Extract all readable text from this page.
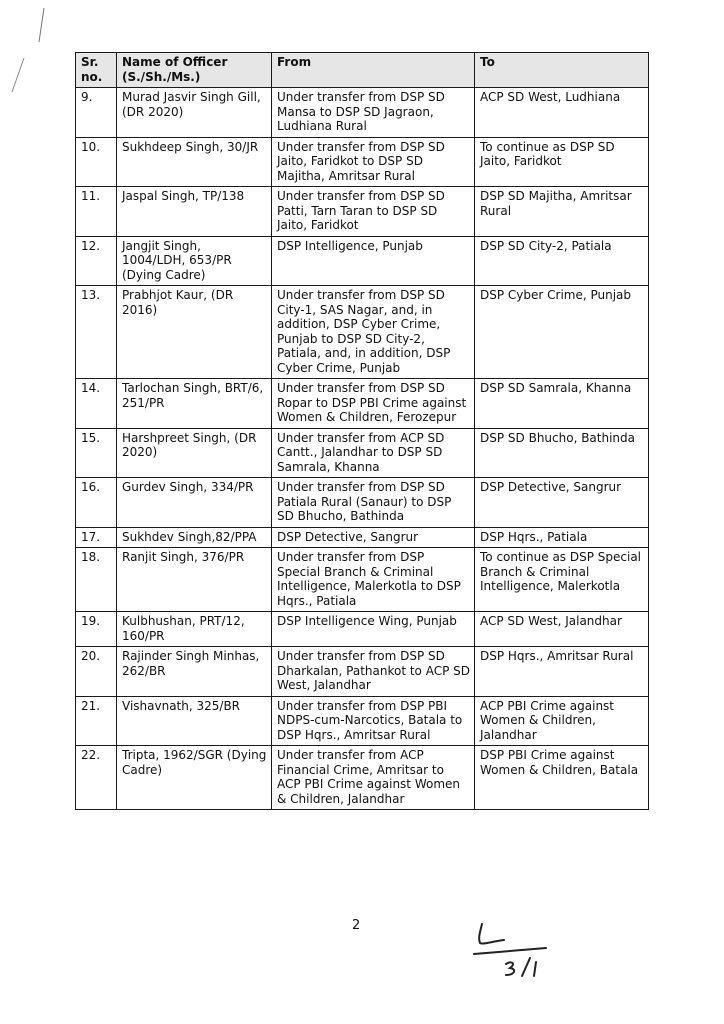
Sr. no.	Name of Officer (S./Sh./Ms.)	From	To
9.	Murad Jasvir Singh Gill, (DR 2020)	Under transfer from DSP SD Mansa to DSP SD Jagraon, Ludhiana Rural	ACP SD West, Ludhiana
10.	Sukhdeep Singh, 30/JR	Under transfer from DSP SD Jaito, Faridkot to DSP SD Majitha, Amritsar Rural	To continue as DSP SD Jaito, Faridkot
11.	Jaspal Singh, TP/138	Under transfer from DSP SD Patti, Tarn Taran to DSP SD Jaito, Faridkot	DSP SD Majitha, Amritsar Rural
12.	Jangjit Singh, 1004/LDH, 653/PR (Dying Cadre)	DSP Intelligence, Punjab	DSP SD City-2, Patiala
13.	Prabhjot Kaur, (DR 2016)	Under transfer from DSP SD City-1, SAS Nagar, and, in addition, DSP Cyber Crime, Punjab to DSP SD City-2, Patiala, and, in addition, DSP Cyber Crime, Punjab	DSP Cyber Crime, Punjab
14.	Tarlochan Singh, BRT/6, 251/PR	Under transfer from DSP SD Ropar to DSP PBI Crime against Women & Children, Ferozepur	DSP SD Samrala, Khanna
15.	Harshpreet Singh, (DR 2020)	Under transfer from ACP SD Cantt., Jalandhar to DSP SD Samrala, Khanna	DSP SD Bhucho, Bathinda
16.	Gurdev Singh, 334/PR	Under transfer from DSP SD Patiala Rural (Sanaur) to DSP SD Bhucho, Bathinda	DSP Detective, Sangrur
17.	Sukhdev Singh,82/PPA	DSP Detective, Sangrur	DSP Hqrs., Patiala
18.	Ranjit Singh, 376/PR	Under transfer from DSP Special Branch & Criminal Intelligence, Malerkotla to DSP Hqrs., Patiala	To continue as DSP Special Branch & Criminal Intelligence, Malerkotla
19.	Kulbhushan, PRT/12, 160/PR	DSP Intelligence Wing, Punjab	ACP SD West, Jalandhar
20.	Rajinder Singh Minhas, 262/BR	Under transfer from DSP SD Dharkalan, Pathankot to ACP SD West, Jalandhar	DSP Hqrs., Amritsar Rural
21.	Vishavnath, 325/BR	Under transfer from DSP PBI NDPS-cum-Narcotics, Batala to DSP Hqrs., Amritsar Rural	ACP PBI Crime against Women & Children, Jalandhar
22.	Tripta, 1962/SGR (Dying Cadre)	Under transfer from ACP Financial Crime, Amritsar to ACP PBI Crime against Women & Children, Jalandhar	DSP PBI Crime against Women & Children, Batala
2
